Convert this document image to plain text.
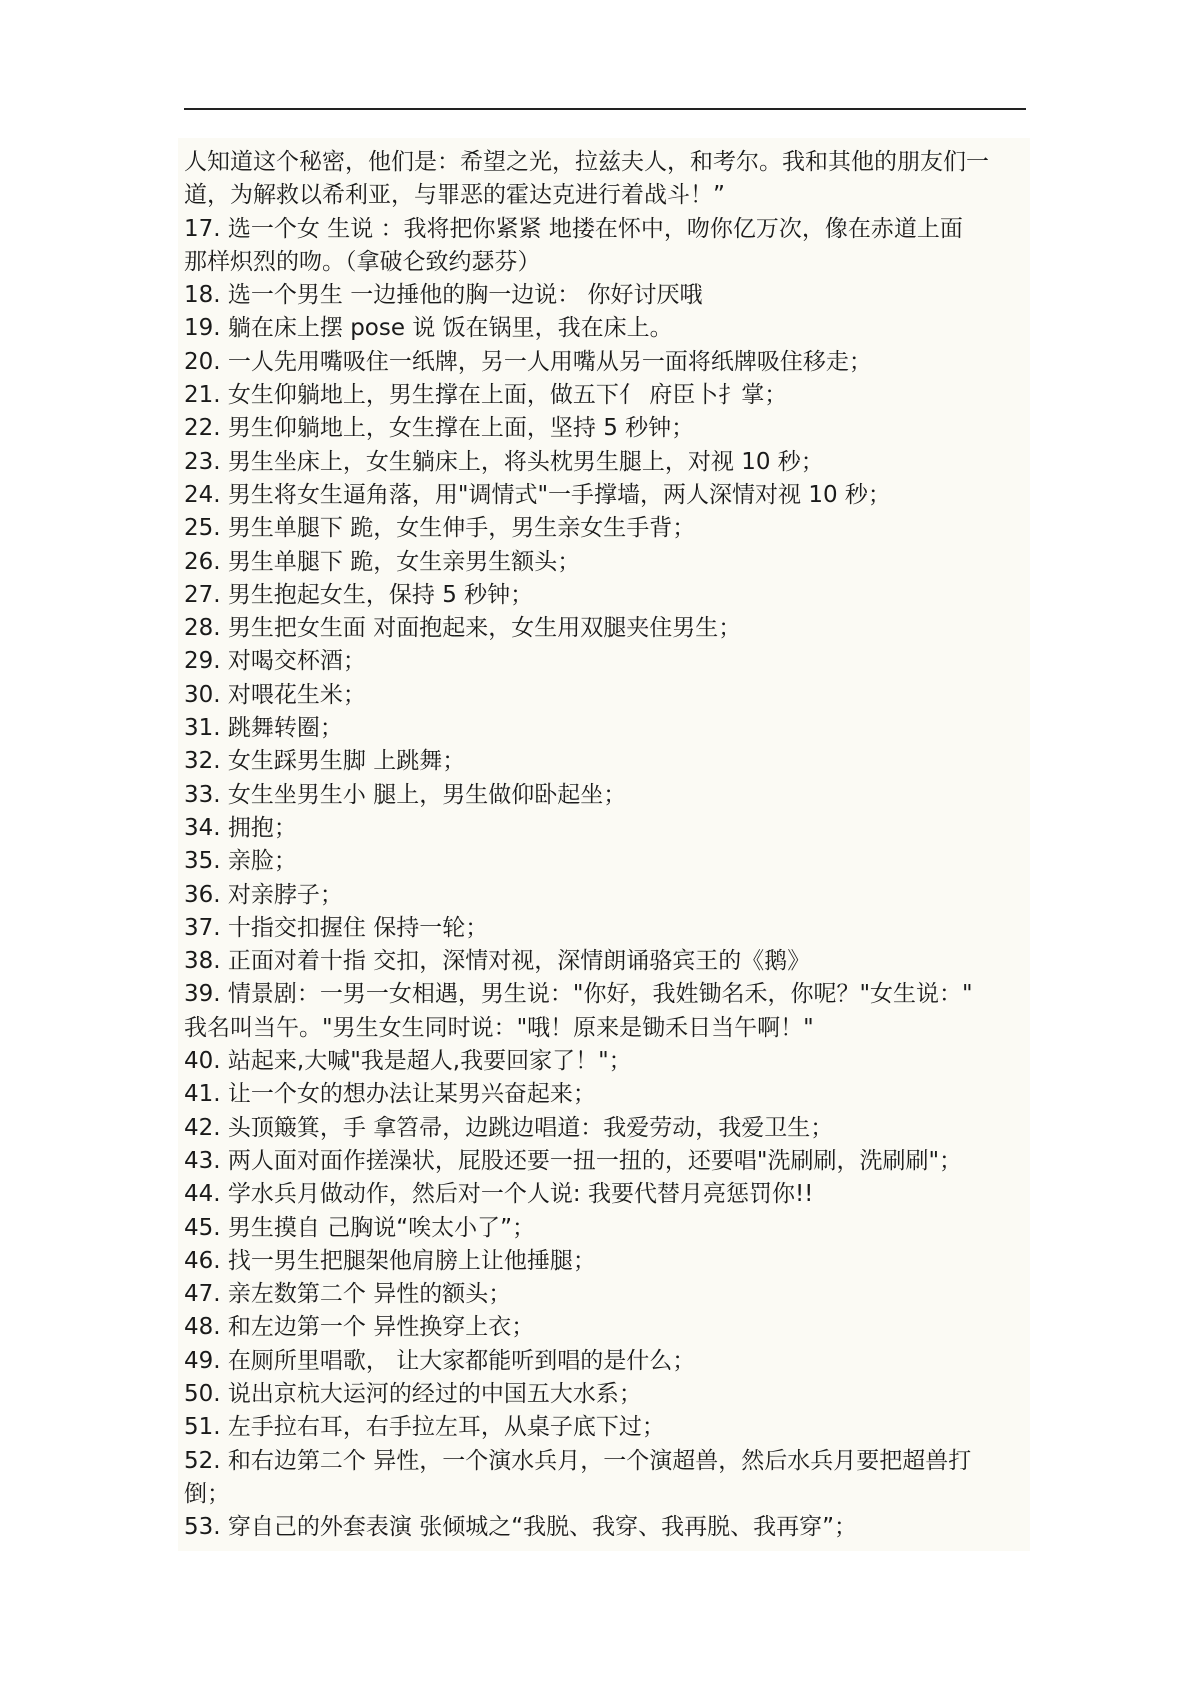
人知道这个秘密，他们是：希望之光，拉兹夫人，和考尔。我和其他的朋友们一
道，为解救以希利亚，与罪恶的霍达克进行着战斗！”
17. 选一个女 生说 ：我将把你紧紧 地搂在怀中，吻你亿万次，像在赤道上面
那样炽烈的吻。（拿破仑致约瑟芬）
18. 选一个男生 一边捶他的胸一边说： 你好讨厌哦
19. 躺在床上摆 pose 说 饭在锅里，我在床上。
20. 一人先用嘴吸住一纸牌，另一人用嘴从另一面将纸牌吸住移走；
21. 女生仰躺地上，男生撑在上面，做五下亻 府臣卜扌掌；
22. 男生仰躺地上，女生撑在上面，坚持 5 秒钟；
23. 男生坐床上，女生躺床上，将头枕男生腿上，对视 10 秒；
24. 男生将女生逼角落，用"调情式"一手撑墙，两人深情对视 10 秒；
25. 男生单腿下 跪，女生伸手，男生亲女生手背；
26. 男生单腿下 跪，女生亲男生额头；
27. 男生抱起女生，保持 5 秒钟；
28. 男生把女生面 对面抱起来，女生用双腿夹住男生；
29. 对喝交杯酒；
30. 对喂花生米；
31. 跳舞转圈；
32. 女生踩男生脚 上跳舞；
33. 女生坐男生小 腿上，男生做仰卧起坐；
34. 拥抱；
35. 亲脸；
36. 对亲脖子；
37. 十指交扣握住 保持一轮；
38. 正面对着十指 交扣，深情对视，深情朗诵骆宾王的《鹅》
39. 情景剧：一男一女相遇，男生说："你好，我姓锄名禾，你呢？"女生说："
我名叫当午。"男生女生同时说："哦！原来是锄禾日当午啊！"
40. 站起来,大喊"我是超人,我要回家了！"；
41. 让一个女的想办法让某男兴奋起来；
42. 头顶簸箕，手 拿笤帚，边跳边唱道：我爱劳动，我爱卫生；
43. 两人面对面作搓澡状，屁股还要一扭一扭的，还要唱"洗刷刷，洗刷刷"；
44. 学水兵月做动作，然后对一个人说: 我要代替月亮惩罚你!!
45. 男生摸自 己胸说“唉太小了”；
46. 找一男生把腿架他肩膀上让他捶腿；
47. 亲左数第二个 异性的额头；
48. 和左边第一个 异性换穿上衣；
49. 在厕所里唱歌， 让大家都能听到唱的是什么；
50. 说出京杭大运河的经过的中国五大水系；
51. 左手拉右耳，右手拉左耳，从桌子底下过；
52. 和右边第二个 异性，一个演水兵月，一个演超兽，然后水兵月要把超兽打
倒；
53. 穿自己的外套表演 张倾城之“我脱、我穿、我再脱、我再穿”；
